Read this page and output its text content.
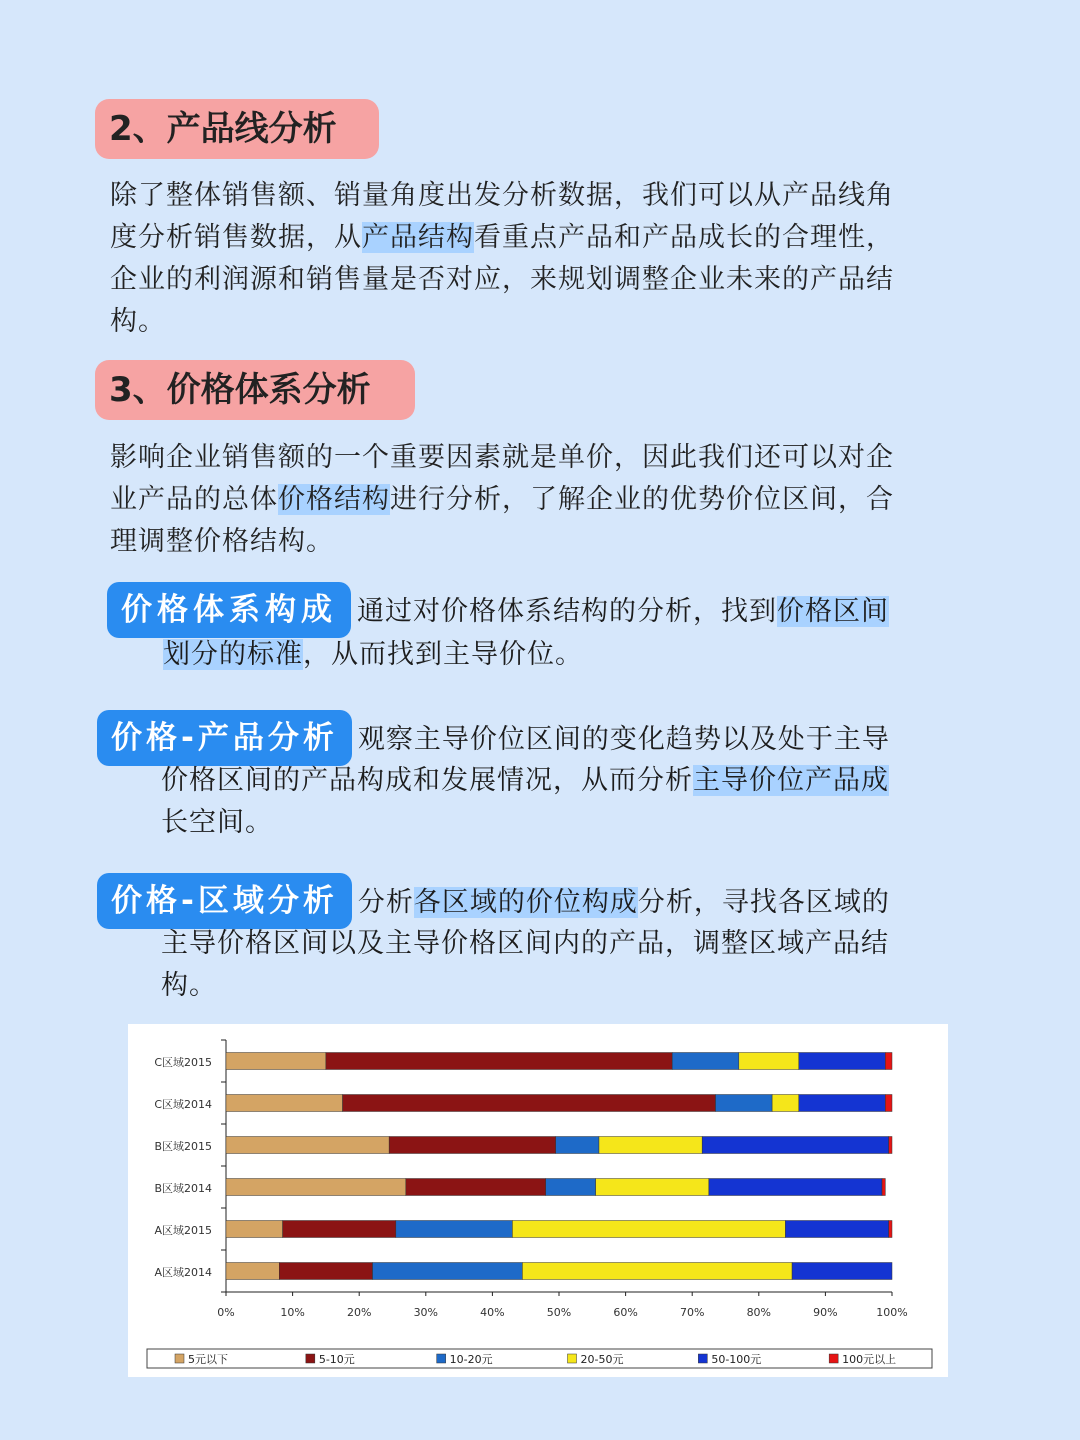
2、产品线分析
除了整体销售额、销量角度出发分析数据，我们可以从产品线角
度分析销售数据，从产品结构看重点产品和产品成长的合理性，
企业的利润源和销售量是否对应，来规划调整企业未来的产品结
构。
3、价格体系分析
影响企业销售额的一个重要因素就是单价，因此我们还可以对企
业产品的总体价格结构进行分析，了解企业的优势价位区间，合
理调整价格结构。
价格体系构成 通过对价格体系结构的分析，找到价格区间
划分的标准，从而找到主导价位。
价格-产品分析 观察主导价位区间的变化趋势以及处于主导
价格区间的产品构成和发展情况，从而分析主导价位产品成
长空间。
价格-区域分析 分析各区域的价位构成分析，寻找各区域的
主导价格区间以及主导价格区间内的产品，调整区域产品结
构。
C区域2015
C区域2014
B区域2015
B区域2014
A区域2015
A区域2014
0%	10%	20%	30%	40%	50%	60%	70%	80%	90%	100%
5元以下	5-10元	10-20元	20-50元	50-100元	100元以上
